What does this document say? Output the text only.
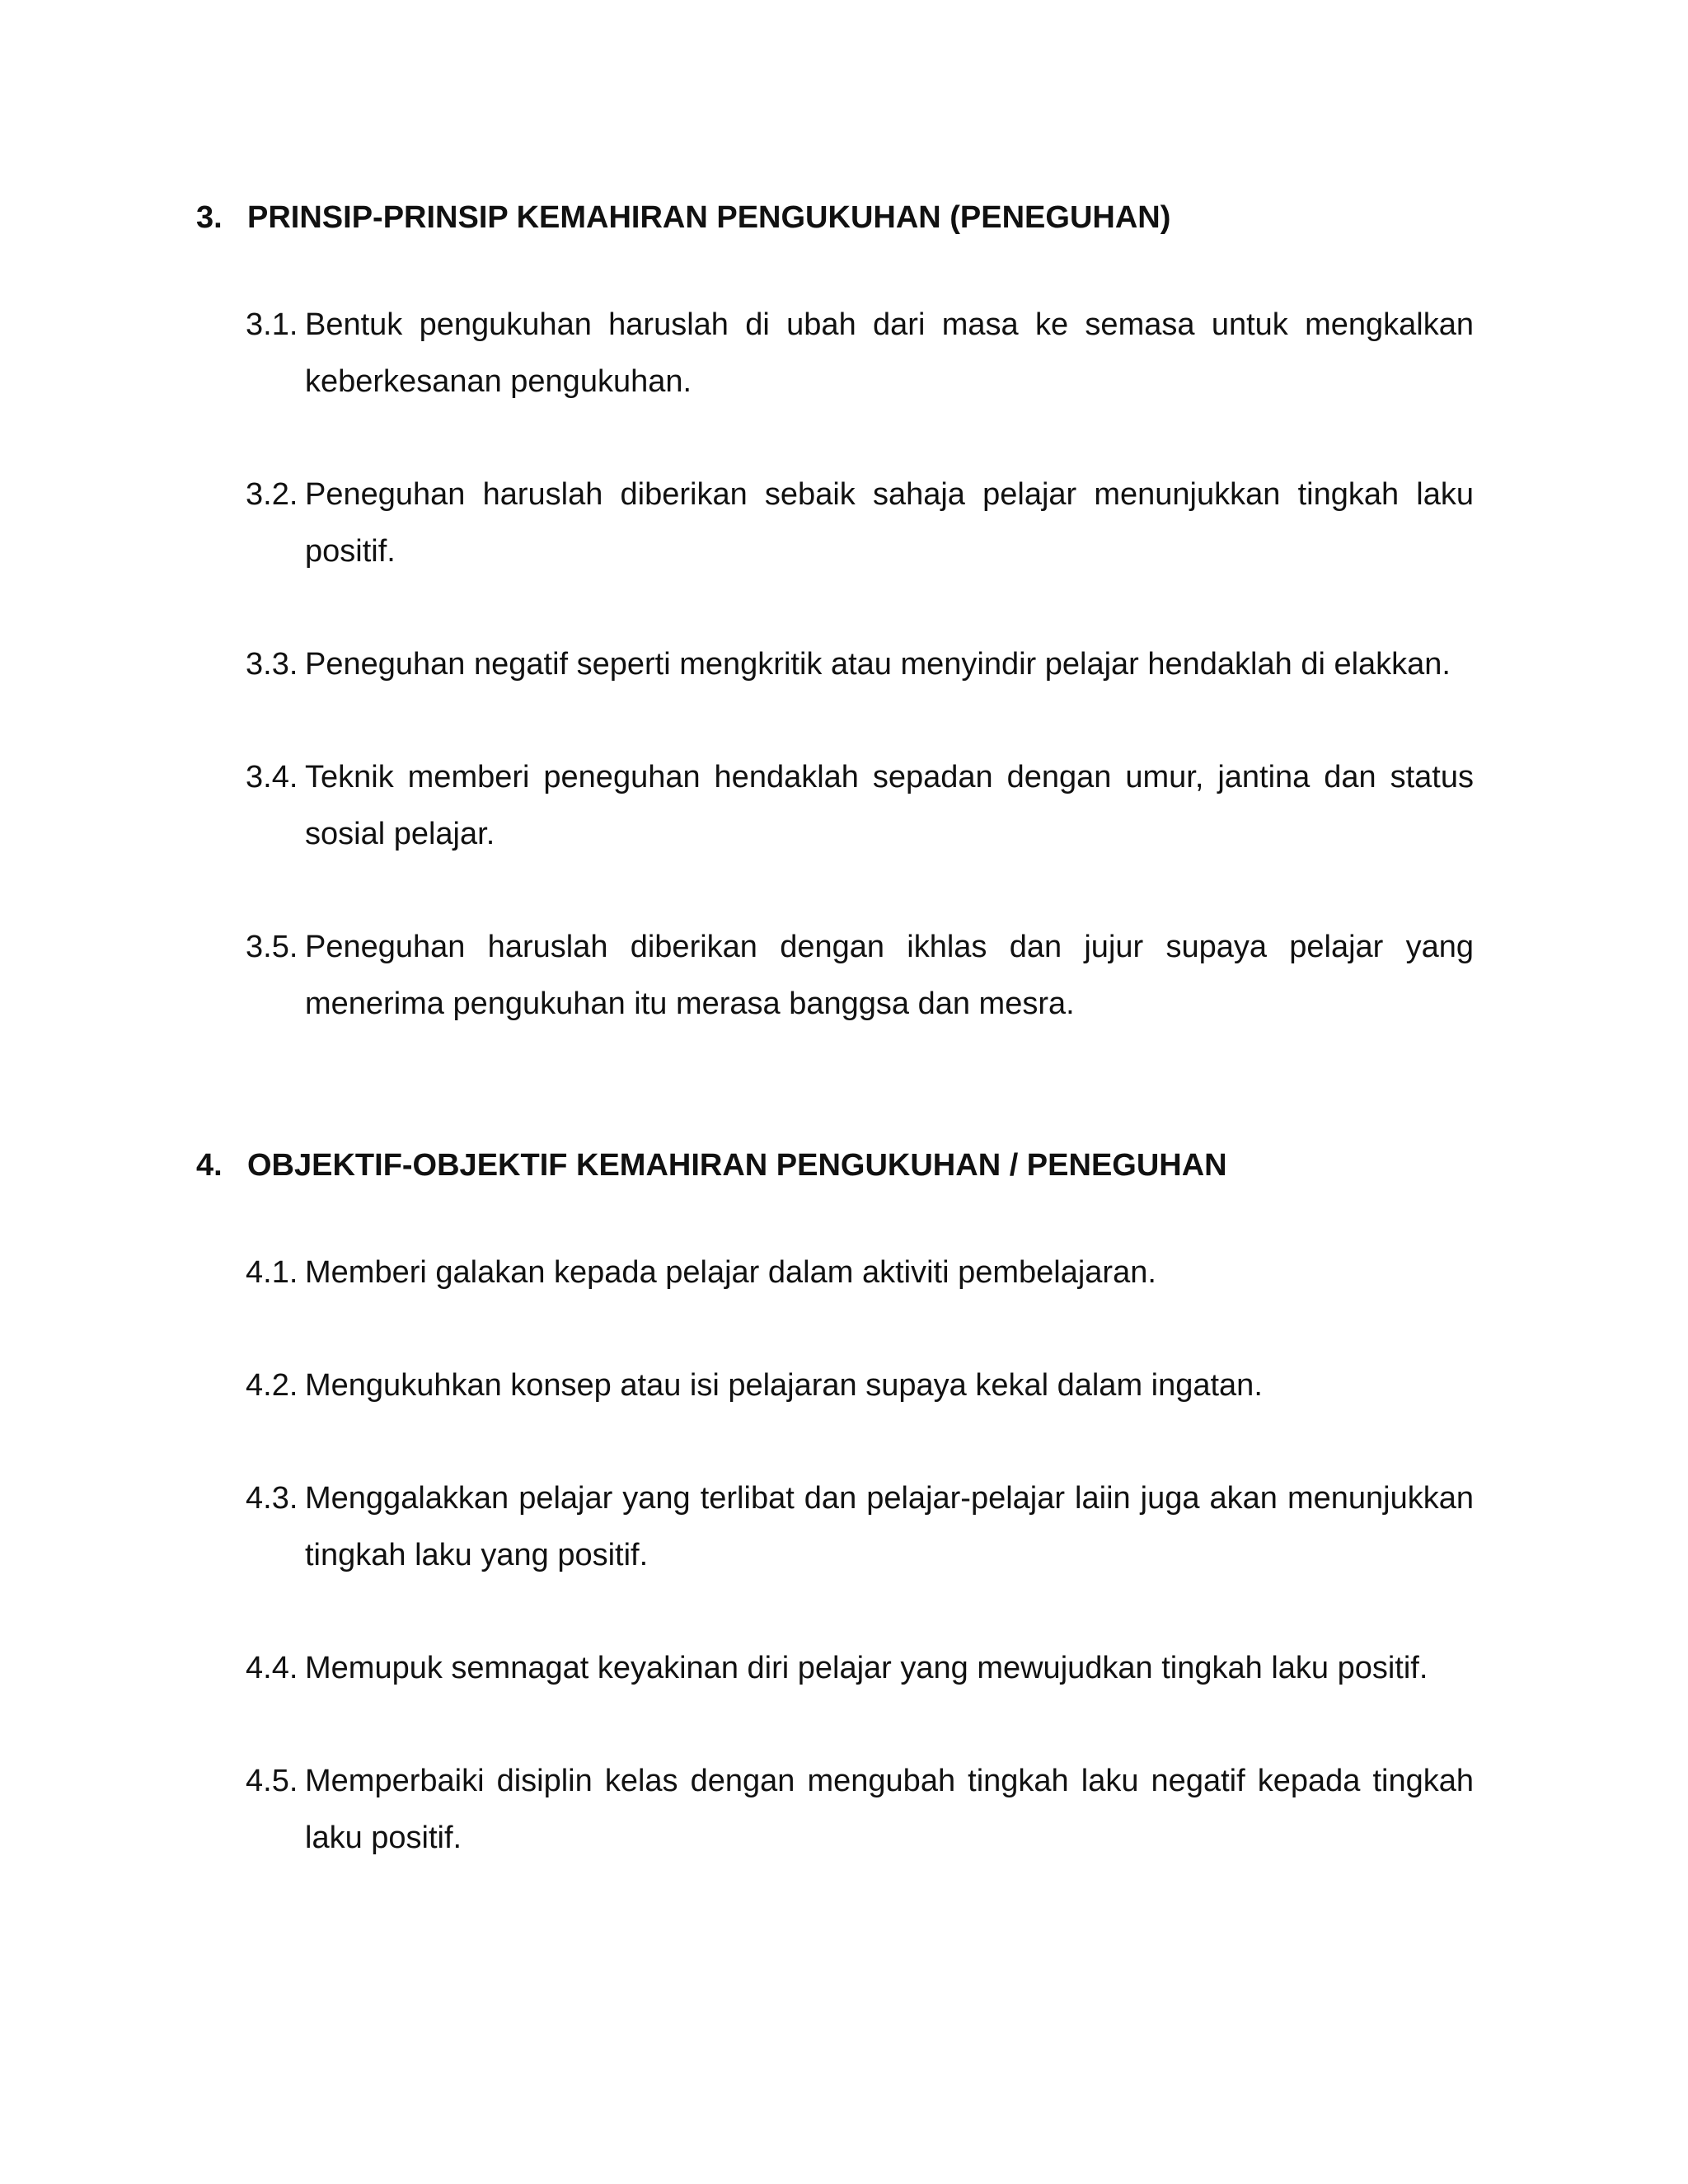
3. PRINSIP-PRINSIP KEMAHIRAN PENGUKUHAN (PENEGUHAN)
3.1. Bentuk pengukuhan haruslah di ubah dari masa ke semasa untuk mengkalkan keberkesanan pengukuhan.
3.2. Peneguhan haruslah diberikan sebaik sahaja pelajar menunjukkan tingkah laku positif.
3.3. Peneguhan negatif seperti mengkritik atau menyindir pelajar hendaklah di elakkan.
3.4. Teknik memberi peneguhan hendaklah sepadan dengan umur, jantina dan status sosial pelajar.
3.5. Peneguhan haruslah diberikan dengan ikhlas dan jujur supaya pelajar yang menerima pengukuhan itu merasa banggsa dan mesra.
4. OBJEKTIF-OBJEKTIF KEMAHIRAN PENGUKUHAN / PENEGUHAN
4.1. Memberi galakan kepada pelajar dalam aktiviti pembelajaran.
4.2. Mengukuhkan konsep atau isi pelajaran supaya kekal dalam ingatan.
4.3. Menggalakkan pelajar yang terlibat dan pelajar-pelajar laiin juga akan menunjukkan tingkah laku yang positif.
4.4. Memupuk semnagat keyakinan diri pelajar yang mewujudkan tingkah laku positif.
4.5. Memperbaiki disiplin kelas dengan mengubah tingkah laku negatif kepada tingkah laku positif.
